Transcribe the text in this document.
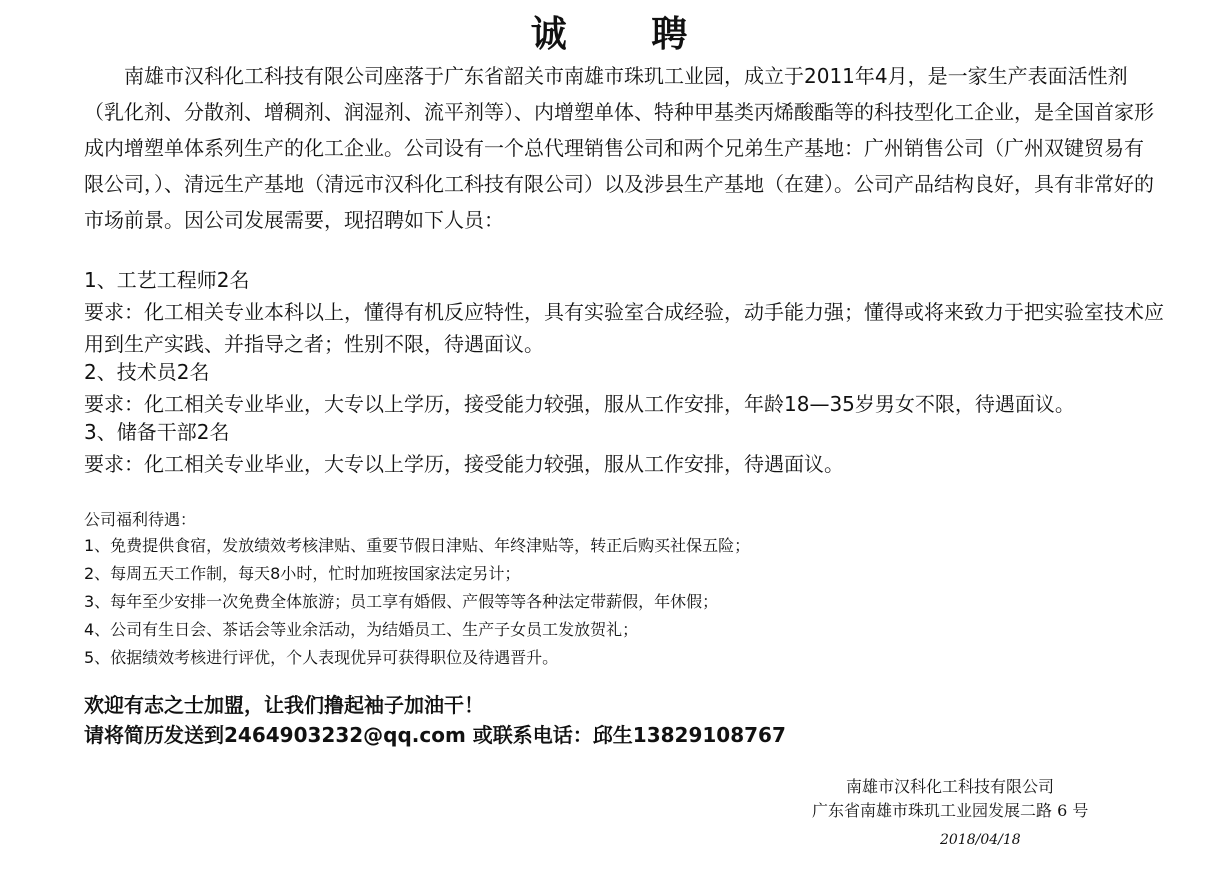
诚 聘
南雄市汉科化工科技有限公司座落于广东省韶关市南雄市珠玑工业园，成立于2011年4月，是一家生产表面活性剂（乳化剂、分散剂、增稠剂、润湿剂、流平剂等）、内增塑单体、特种甲基类丙烯酸酯等的科技型化工企业，是全国首家形成内增塑单体系列生产的化工企业。公司设有一个总代理销售公司和两个兄弟生产基地：广州销售公司（广州双键贸易有限公司，）、清远生产基地（清远市汉科化工科技有限公司）以及涉县生产基地（在建）。公司产品结构良好，具有非常好的市场前景。因公司发展需要，现招聘如下人员：

1、工艺工程师2名

要求：化工相关专业本科以上，懂得有机反应特性，具有实验室合成经验，动手能力强；懂得或将来致力于把实验室技术应用到生产实践、并指导之者；性别不限，待遇面议。

2、技术员2名

要求：化工相关专业毕业，大专以上学历，接受能力较强，服从工作安排，年龄18—35岁男女不限，待遇面议。

3、储备干部2名

要求：化工相关专业毕业，大专以上学历，接受能力较强，服从工作安排，待遇面议。

公司福利待遇：
1、免费提供食宿，发放绩效考核津贴、重要节假日津贴、年终津贴等，转正后购买社保五险；
2、每周五天工作制，每天8小时，忙时加班按国家法定另计；
3、每年至少安排一次免费全体旅游；员工享有婚假、产假等等各种法定带薪假，年休假；
4、公司有生日会、茶话会等业余活动，为结婚员工、生产子女员工发放贺礼；
5、依据绩效考核进行评优，个人表现优异可获得职位及待遇晋升。
欢迎有志之士加盟，让我们撸起袖子加油干！
请将简历发送到2464903232@qq.com 或联系电话：邱生13829108767
南雄市汉科化工科技有限公司
广东省南雄市珠玑工业园发展二路 6 号
2018/04/18
